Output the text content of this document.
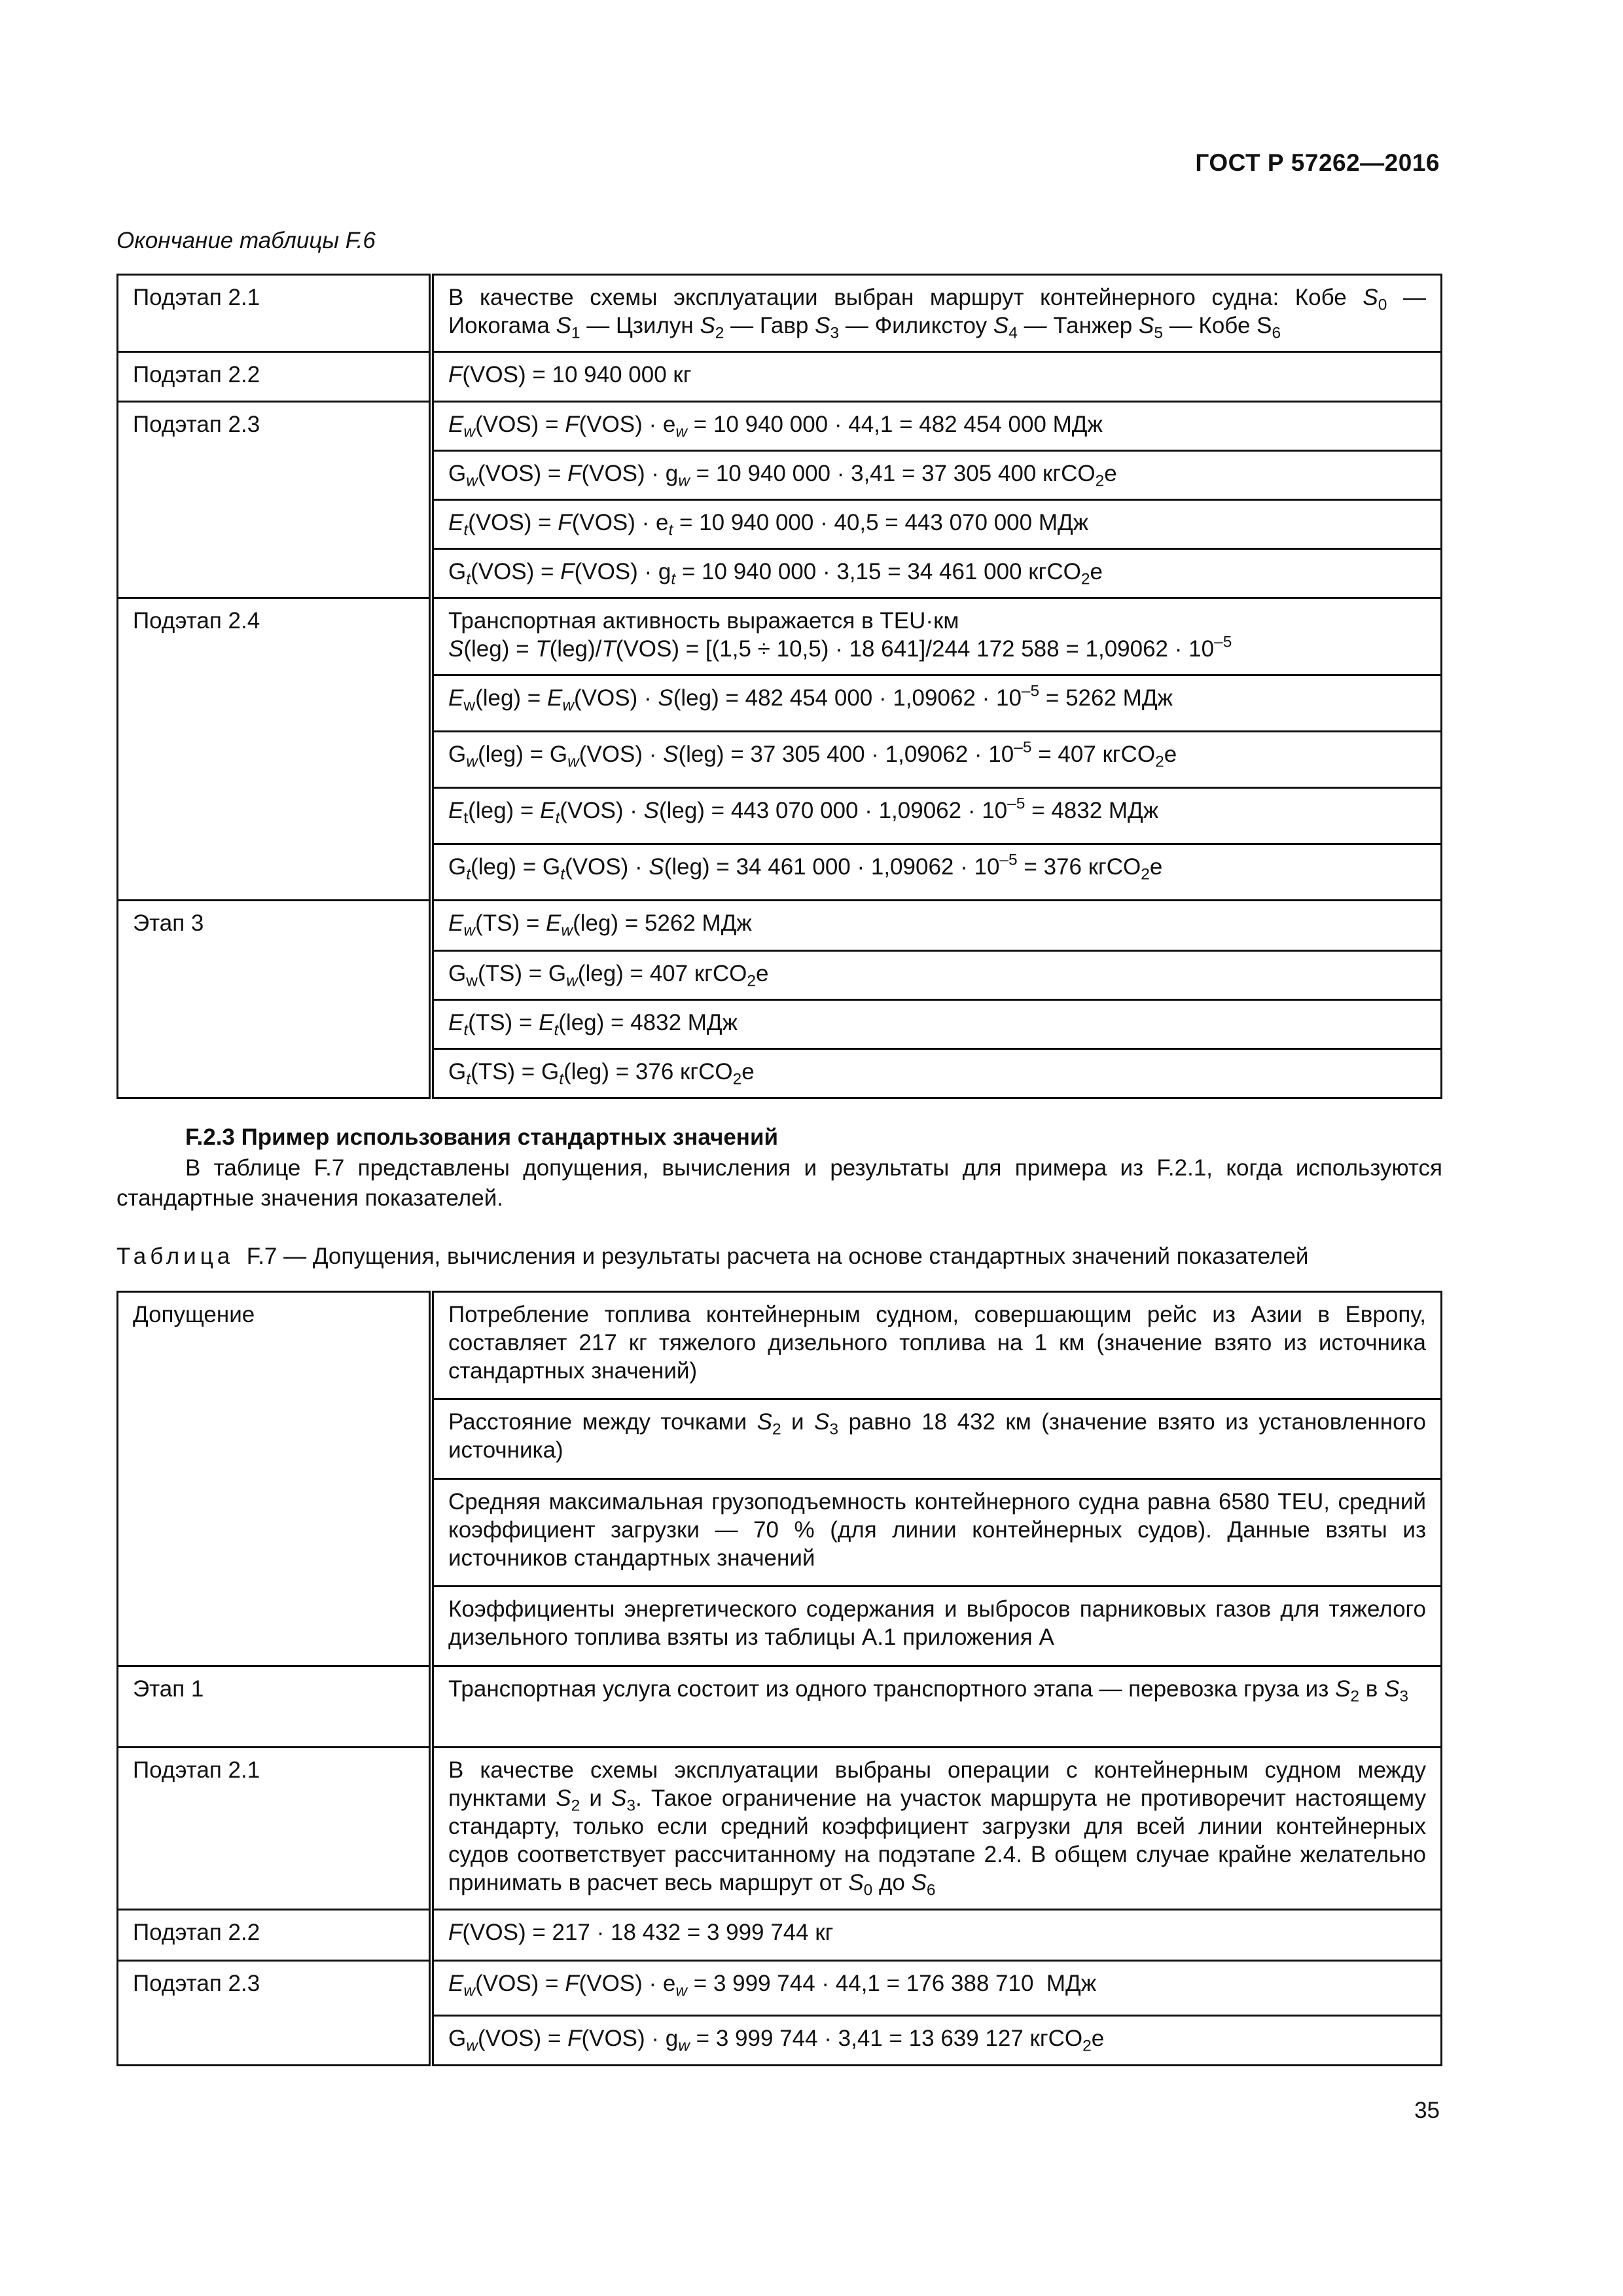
ГОСТ Р 57262—2016
Окончание таблицы F.6
Подэтап 2.1	В качестве схемы эксплуатации выбран маршрут контейнерного судна: Кобе $S_0$ — Иокогама $S_1$ — Цзилун $S_2$ — Гавр $S_3$ — Филикстоу $S_4$ — Танжер $S_5$ — Кобе $S_6$
Подэтап 2.2	F(VOS) = 10 940 000 кг
Подэтап 2.3	$E_w(VOS) = F(VOS) \cdot e_w = 10$ 940 000 · 44,1 = 482 454 000 МДж
	$G_w(VOS) = F(VOS) \cdot g_w = 10$ 940 000 · 3,41 = 37 305 400 кгCO$_2$e
	$E_t(VOS) = F(VOS) \cdot e_t = 10$ 940 000 · 40,5 = 443 070 000 МДж
	$G_t(VOS) = F(VOS) \cdot g_t = 10$ 940 000 · 3,15 = 34 461 000 кгCO$_2$e
Подэтап 2.4	Транспортная активность выражается в TEU·км
S(leg) = T(leg)/T(VOS) = [(1,5 ÷ 10,5) · 18 641]/244 172 $588 = 1,09062 \cdot 10^{-5}$
	$E_w(leg) = E_w(VOS) \cdot S(leg) = 482$ 454 $000 \cdot 1,09062 \cdot 10^{-5} = 5262$ МДж
	$G_w(leg) = G_w(VOS) \cdot S(leg) = 37$ 305 $400 \cdot 1,09062 \cdot 10^{-5} = 407$ кгCO$_2$e
	$E_t(leg) = E_t(VOS) \cdot S(leg) = 443$ 070 $000 \cdot 1,09062 \cdot 10^{-5} = 4832$ МДж
	$G_t(leg) = G_t(VOS) \cdot S(leg) = 34$ 461 $000 \cdot 1,09062 \cdot 10^{-5} = 376$ кгCO$_2$e
Этап 3	$E_w(TS) = E_w(leg) = 5262$ МДж
	$G_w(TS) = G_w(leg) = 407$ кгCO$_2$e
	$E_t(TS) = E_t(leg) = 4832$ МДж
	$G_t(TS) = G_t(leg) = 376$ кгCO$_2$e
F.2.3 Пример использования стандартных значений
В таблице F.7 представлены допущения, вычисления и результаты для примера из F.2.1, когда используются стандартные значения показателей.
Таблица F.7 — Допущения, вычисления и результаты расчета на основе стандартных значений показателей
Допущение	Потребление топлива контейнерным судном, совершающим рейс из Азии в Европу, составляет 217 кг тяжелого дизельного топлива на 1 км (значение взято из источника стандартных значений)
	Расстояние между точками $S_2$ и $S_3$ равно 18 432 км (значение взято из установленного источника)
	Средняя максимальная грузоподъемность контейнерного судна равна 6580 TEU, средний коэффициент загрузки — 70 % (для линии контейнерных судов). Данные взяты из источников стандартных значений
	Коэффициенты энергетического содержания и выбросов парниковых газов для тяжелого дизельного топлива взяты из таблицы А.1 приложения А
Этап 1	Транспортная услуга состоит из одного транспортного этапа — перевозка груза из $S_2$ в $S_3$
Подэтап 2.1	В качестве схемы эксплуатации выбраны операции с контейнерным судном между пунктами $S_2$ и $S_3$. Такое ограничение на участок маршрута не противоречит настоящему стандарту, только если средний коэффициент загрузки для всей линии контейнерных судов соответствует рассчитанному на подэтапе 2.4. В общем случае крайне желательно принимать в расчет весь маршрут от $S_0$ до $S_6$
Подэтап 2.2	F(VOS) = 217 · 18 432 = 3 999 744 кг
Подэтап 2.3	$E_w(VOS) = F(VOS) \cdot e_w = 3$ 999 744 · 44,1 = 176 388 710  МДж
	$G_w(VOS) = F(VOS) \cdot g_w = 3$ 999 744 · 3,41 = 13 639 127 кгCO$_2$e
35
